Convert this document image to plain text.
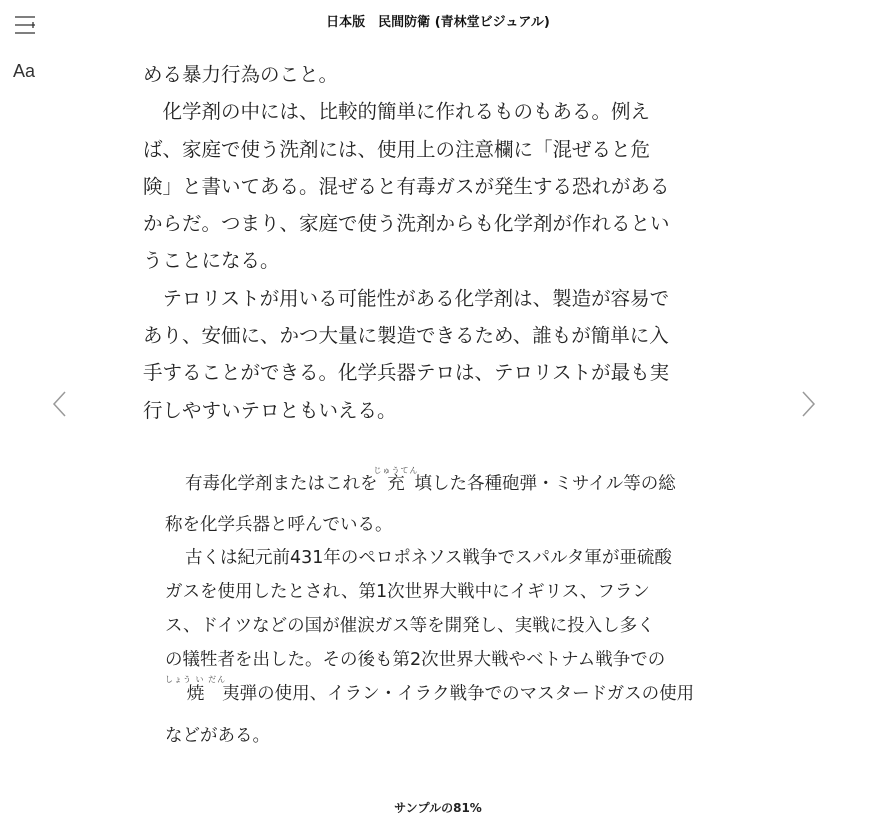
日本版　民間防衛 (青林堂ビジュアル)
Aa	める暴力行為のこと。

　化学剤の中には、比較的簡単に作れるものもある。例え

ば、家庭で使う洗剤には、使用上の注意欄に「混ぜると危

険」と書いてある。混ぜると有毒ガスが発生する恐れがある

からだ。つまり、家庭で使う洗剤からも化学剤が作れるとい

うことになる。

　テロリストが用いる可能性がある化学剤は、製造が容易で

あり、安価に、かつ大量に製造できるため、誰もが簡単に入

手することができる。化学兵器テロは、テロリストが最も実

行しやすいテロともいえる。

有毒化学剤またはこれを充じゅうてん填した各種砲弾・ミサイル等の総
称を化学兵器と呼んでいる。
古くは紀元前431年のペロポネソス戦争でスパルタ軍が亜硫酸
ガスを使用したとされ、第1次世界大戦中にイギリス、フラン
ス、ドイツなどの国が催涙ガス等を開発し、実戦に投入し多く
の犠牲者を出した。その後も第2次世界大戦やベトナム戦争での
焼しょう い だん夷弾の使用、イラン・イラク戦争でのマスタードガスの使用
などがある。
サンプルの81%
